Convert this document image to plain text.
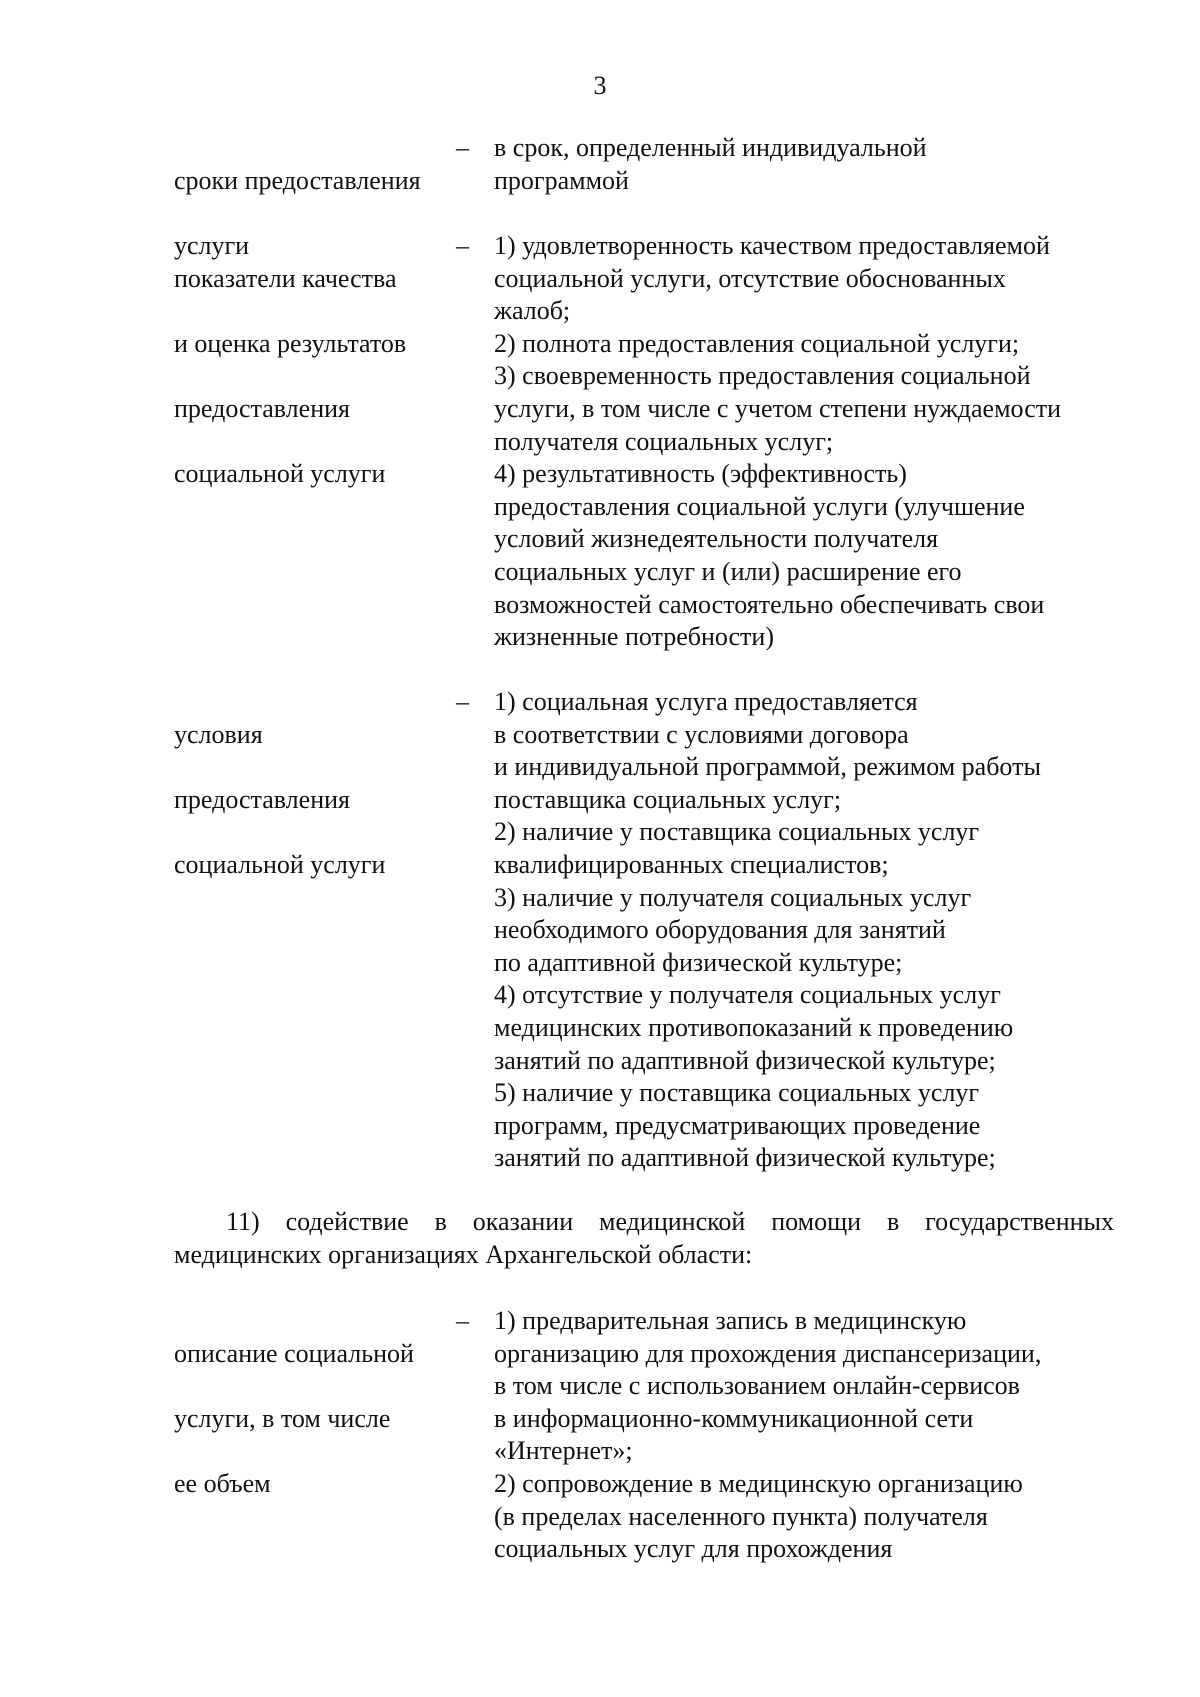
3

сроки предоставления

услуги

– в срок, определенный индивидуальной
программой

показатели качества

и оценка результатов

предоставления

социальной услуги

– 1) удовлетворенность качеством предоставляемой
социальной услуги, отсутствие обоснованных
жалоб;
2) полнота предоставления социальной услуги;
3) своевременность предоставления социальной
услуги, в том числе с учетом степени нуждаемости
получателя социальных услуг;
4) результативность (эффективность)
предоставления социальной услуги (улучшение
условий жизнедеятельности получателя
социальных услуг и (или) расширение его
возможностей самостоятельно обеспечивать свои
жизненные потребности)

условия

предоставления

социальной услуги

– 1) социальная услуга предоставляется
в соответствии с условиями договора
и индивидуальной программой, режимом работы
поставщика социальных услуг;
2) наличие у поставщика социальных услуг
квалифицированных специалистов;
3) наличие у получателя социальных услуг
необходимого оборудования для занятий
по адаптивной физической культуре;
4) отсутствие у получателя социальных услуг
медицинских противопоказаний к проведению
занятий по адаптивной физической культуре;
5) наличие у поставщика социальных услуг
программ, предусматривающих проведение
занятий по адаптивной физической культуре;
11) содействие в оказании медицинской помощи в государственных
медицинских организациях Архангельской области:

описание социальной

услуги, в том числе

ее объем

– 1) предварительная запись в медицинскую
организацию для прохождения диспансеризации,
в том числе с использованием онлайн-сервисов
в информационно-коммуникационной сети
«Интернет»;
2) сопровождение в медицинскую организацию
(в пределах населенного пункта) получателя
социальных услуг для прохождения
